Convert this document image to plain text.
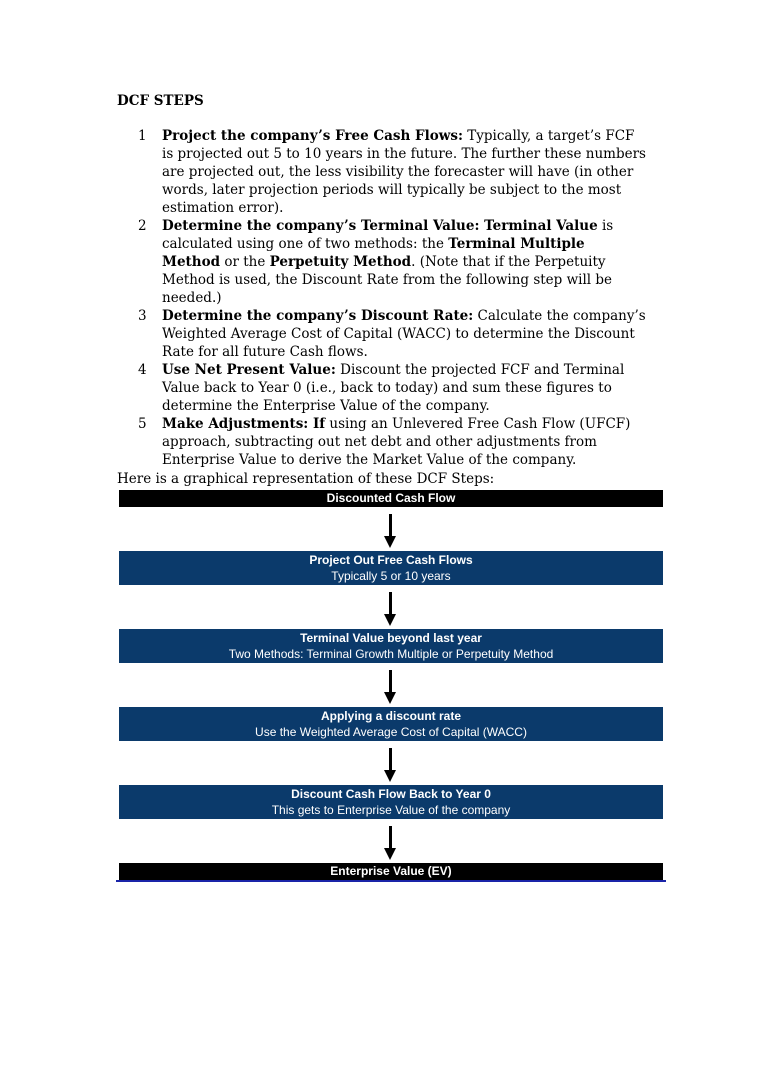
DCF STEPS
1 Project the company’s Free Cash Flows: Typically, a target’s FCF is projected out 5 to 10 years in the future. The further these numbers are projected out, the less visibility the forecaster will have (in other words, later projection periods will typically be subject to the most estimation error).
2 Determine the company’s Terminal Value: Terminal Value is calculated using one of two methods: the Terminal Multiple Method or the Perpetuity Method. (Note that if the Perpetuity Method is used, the Discount Rate from the following step will be needed.)
3 Determine the company’s Discount Rate: Calculate the company’s Weighted Average Cost of Capital (WACC) to determine the Discount Rate for all future Cash flows.
4 Use Net Present Value: Discount the projected FCF and Terminal Value back to Year 0 (i.e., back to today) and sum these figures to determine the Enterprise Value of the company.
5 Make Adjustments: If using an Unlevered Free Cash Flow (UFCF) approach, subtracting out net debt and other adjustments from Enterprise Value to derive the Market Value of the company.

Here is a graphical representation of these DCF Steps:

Discounted Cash Flow
Project Out Free Cash Flows
Typically 5 or 10 years
Terminal Value beyond last year
Two Methods: Terminal Growth Multiple or Perpetuity Method
Applying a discount rate
Use the Weighted Average Cost of Capital (WACC)
Discount Cash Flow Back to Year 0
This gets to Enterprise Value of the company
Enterprise Value (EV)
